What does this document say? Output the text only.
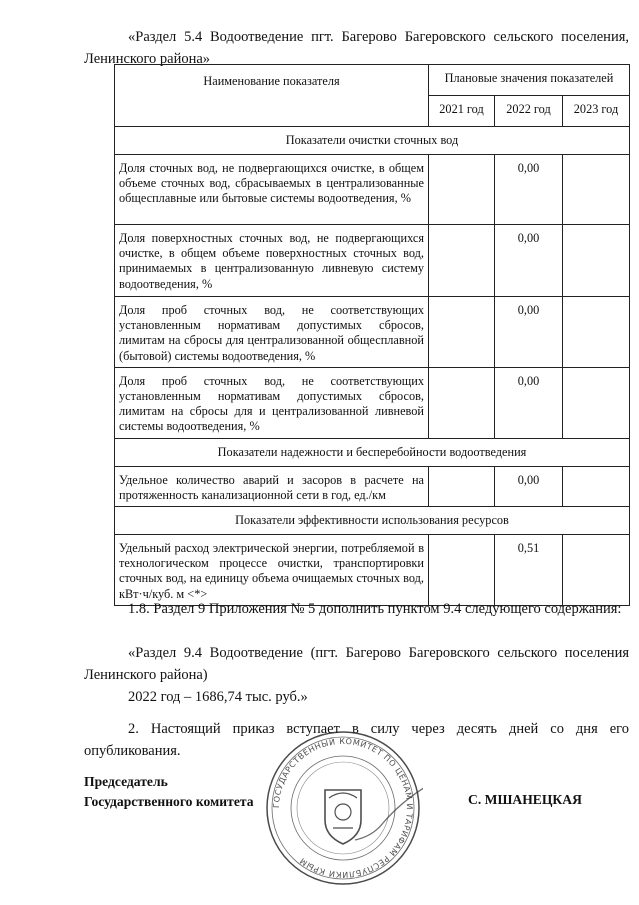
«Раздел 5.4 Водоотведение пгт. Багерово Багеровского сельского поселения, Ленинского района»
Наименование показателя	Плановые значения показателей		
	2021 год	2022 год	2023 год
Показатели очистки сточных вод			
Доля сточных вод, не подвергающихся очистке, в общем объеме сточных вод, сбрасываемых в централизованные общесплавные или бытовые системы водоотведения, %		0,00	
Доля поверхностных сточных вод, не подвергающихся очистке, в общем объеме поверхностных сточных вод, принимаемых в централизованную ливневую систему водоотведения, %		0,00	
Доля проб сточных вод, не соответствующих установленным нормативам допустимых сбросов, лимитам на сбросы для централизованной общесплавной (бытовой) системы водоотведения, %		0,00	
Доля проб сточных вод, не соответствующих установленным нормативам допустимых сбросов, лимитам на сбросы для и централизованной ливневой системы водоотведения, %		0,00	
Показатели надежности и бесперебойности водоотведения			
Удельное количество аварий и засоров в расчете на протяженность канализационной сети в год, ед./км		0,00	
Показатели эффективности использования ресурсов			
Удельный расход электрической энергии, потребляемой в технологическом процессе очистки, транспортировки сточных вод, на единицу объема очищаемых сточных вод, кВт·ч/куб. м <*>		0,51	
1.8. Раздел 9 Приложения № 5 дополнить пунктом 9.4 следующего содержания:
«Раздел 9.4 Водоотведение (пгт. Багерово Багеровского сельского поселения Ленинского района)
2022 год – 1686,74 тыс. руб.»
2. Настоящий приказ вступает в силу через десять дней со дня его опубликования.
ГОСУДАРСТВЕННЫЙ КОМИТЕТ ПО ЦЕНАМ И ТАРИФАМ РЕСПУБЛИКИ КРЫМ
Председатель
Государственного комитета	С. МШАНЕЦКАЯ
